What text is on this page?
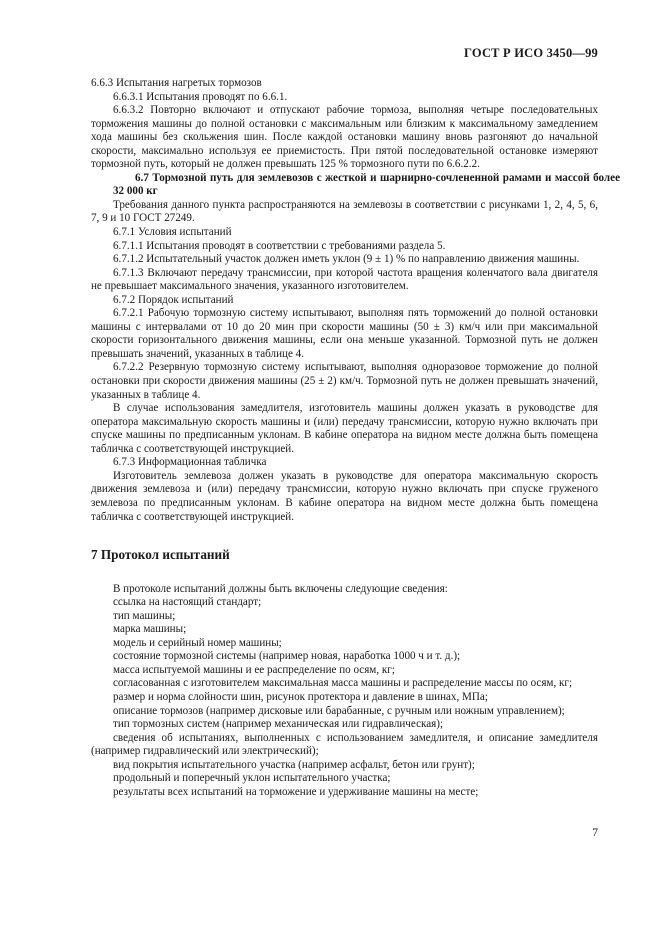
ГОСТ Р ИСО 3450—99

6.6.3 Испытания нагретых тормозов

6.6.3.1 Испытания проводят по 6.6.1.

6.6.3.2 Повторно включают и отпускают рабочие тормоза, выполняя четыре последовательных торможения машины до полной остановки с максимальным или близким к максимальному замедлением хода машины без скольжения шин. После каждой остановки машину вновь разгоняют до начальной скорости, максимально используя ее приемистость. При пятой последовательной остановке измеряют тормозной путь, который не должен превышать 125 % тормозного пути по 6.6.2.2.

6.7 Тормозной путь для землевозов с жесткой и шарнирно-сочлененной рамами и массой более 32 000 кг

Требования данного пункта распространяются на землевозы в соответствии с рисунками 1, 2, 4, 5, 6, 7, 9 и 10 ГОСТ 27249.

6.7.1 Условия испытаний

6.7.1.1 Испытания проводят в соответствии с требованиями раздела 5.

6.7.1.2 Испытательный участок должен иметь уклон (9 ± 1) % по направлению движения машины.

6.7.1.3 Включают передачу трансмиссии, при которой частота вращения коленчатого вала двигателя не превышает максимального значения, указанного изготовителем.

6.7.2 Порядок испытаний

6.7.2.1 Рабочую тормозную систему испытывают, выполняя пять торможений до полной остановки машины с интервалами от 10 до 20 мин при скорости машины (50 ± 3) км/ч или при максимальной скорости горизонтального движения машины, если она меньше указанной. Тормозной путь не должен превышать значений, указанных в таблице 4.

6.7.2.2 Резервную тормозную систему испытывают, выполняя одноразовое торможение до полной остановки при скорости движения машины (25 ± 2) км/ч. Тормозной путь не должен превышать значений, указанных в таблице 4.

В случае использования замедлителя, изготовитель машины должен указать в руководстве для оператора максимальную скорость машины и (или) передачу трансмиссии, которую нужно включать при спуске машины по предписанным уклонам. В кабине оператора на видном месте должна быть помещена табличка с соответствующей инструкцией.

6.7.3 Информационная табличка

Изготовитель землевоза должен указать в руководстве для оператора максимальную скорость движения землевоза и (или) передачу трансмиссии, которую нужно включать при спуске груженого землевоза по предписанным уклонам. В кабине оператора на видном месте должна быть помещена табличка с соответствующей инструкцией.

7 Протокол испытаний

В протоколе испытаний должны быть включены следующие сведения:

ссылка на настоящий стандарт;

тип машины;

марка машины;

модель и серийный номер машины;

состояние тормозной системы (например новая, наработка 1000 ч и т. д.);

масса испытуемой машины и ее распределение по осям, кг;

согласованная с изготовителем максимальная масса машины и распределение массы по осям, кг;

размер и норма слойности шин, рисунок протектора и давление в шинах, МПа;

описание тормозов (например дисковые или барабанные, с ручным или ножным управлением);

тип тормозных систем (например механическая или гидравлическая);

сведения об испытаниях, выполненных с использованием замедлителя, и описание замедлителя (например гидравлический или электрический);

вид покрытия испытательного участка (например асфальт, бетон или грунт);

продольный и поперечный уклон испытательного участка;

результаты всех испытаний на торможение и удерживание машины на месте;

7
